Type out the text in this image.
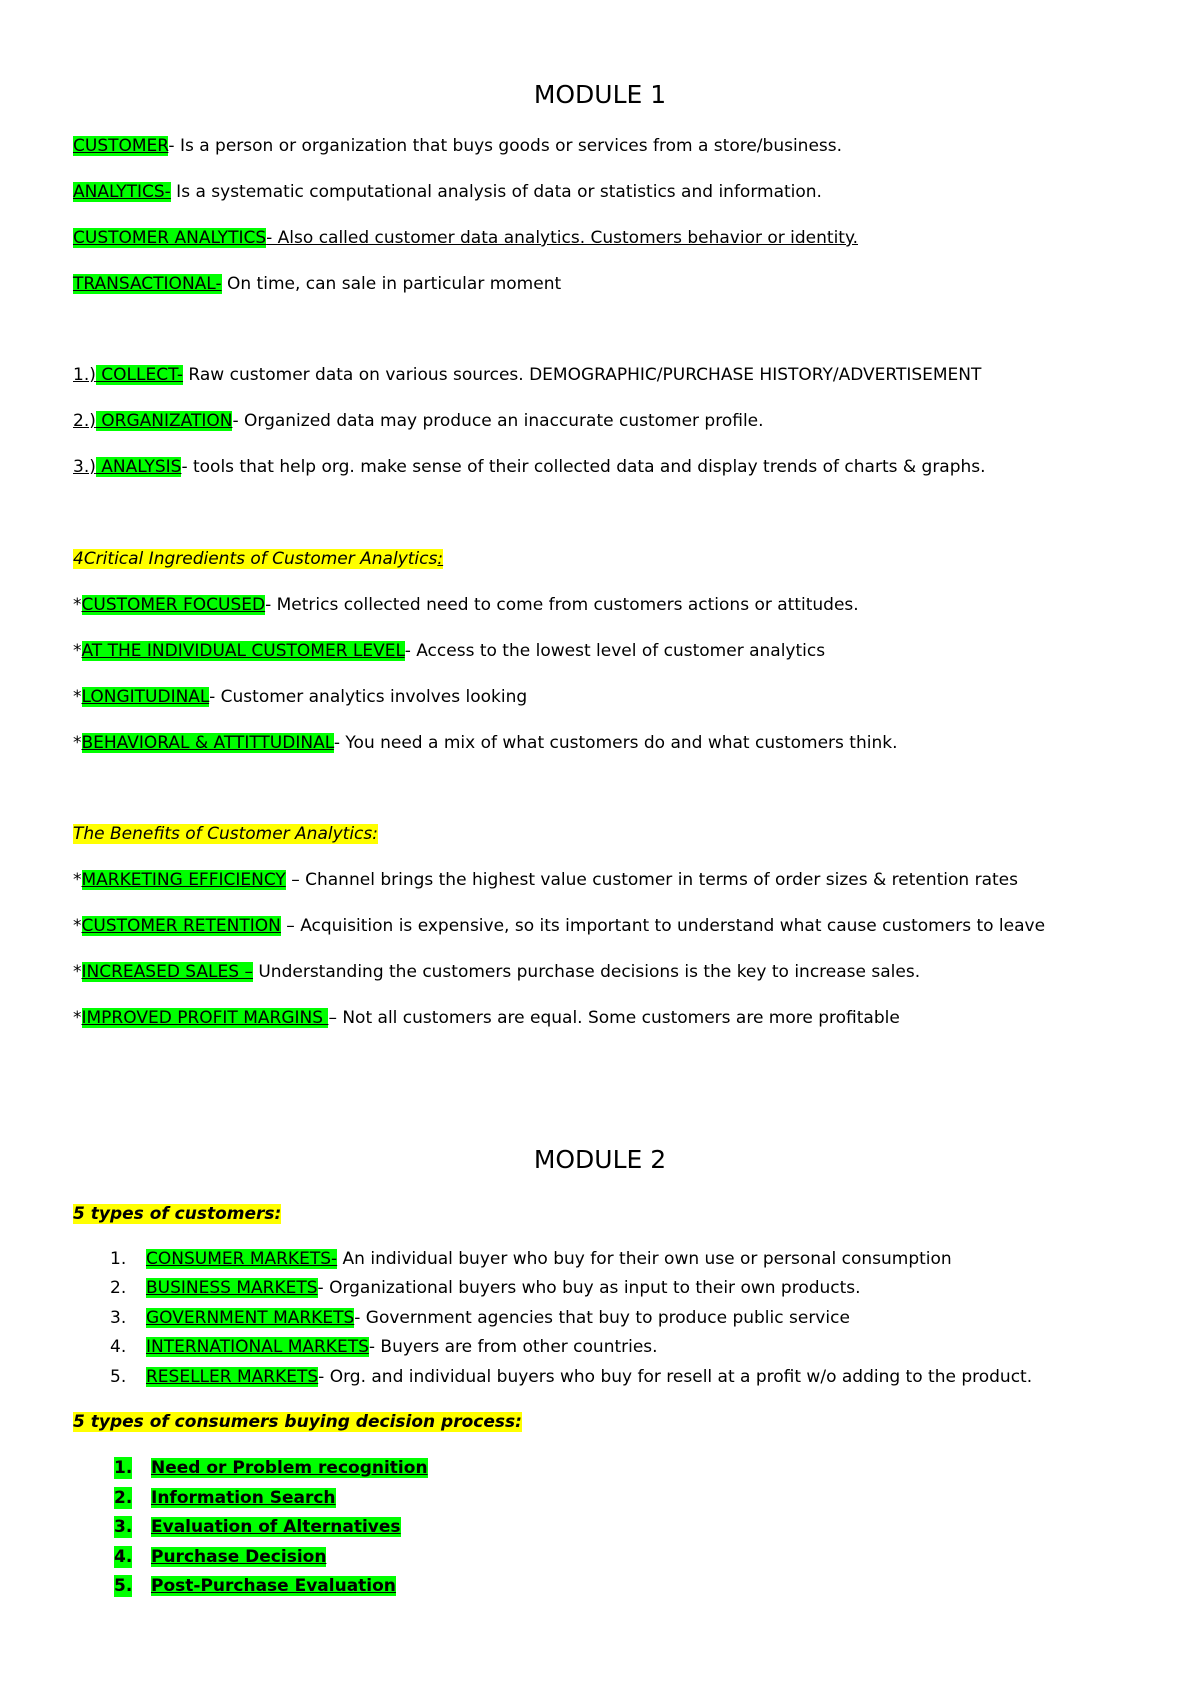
MODULE 1
CUSTOMER- Is a person or organization that buys goods or services from a store/business.
ANALYTICS- Is a systematic computational analysis of data or statistics and information.
CUSTOMER ANALYTICS- Also called customer data analytics. Customers behavior or identity.
TRANSACTIONAL- On time, can sale in particular moment
1.) COLLECT- Raw customer data on various sources. DEMOGRAPHIC/PURCHASE HISTORY/ADVERTISEMENT
2.) ORGANIZATION- Organized data may produce an inaccurate customer profile.
3.) ANALYSIS- tools that help org. make sense of their collected data and display trends of charts & graphs.
4Critical Ingredients of Customer Analytics:
*CUSTOMER FOCUSED- Metrics collected need to come from customers actions or attitudes.
*AT THE INDIVIDUAL CUSTOMER LEVEL- Access to the lowest level of customer analytics
*LONGITUDINAL- Customer analytics involves looking
*BEHAVIORAL & ATTITTUDINAL- You need a mix of what customers do and what customers think.
The Benefits of Customer Analytics:
*MARKETING EFFICIENCY – Channel brings the highest value customer in terms of order sizes & retention rates
*CUSTOMER RETENTION – Acquisition is expensive, so its important to understand what cause customers to leave
*INCREASED SALES – Understanding the customers purchase decisions is the key to increase sales.
*IMPROVED PROFIT MARGINS – Not all customers are equal. Some customers are more profitable
MODULE 2
5 types of customers:
1. CONSUMER MARKETS- An individual buyer who buy for their own use or personal consumption
2. BUSINESS MARKETS- Organizational buyers who buy as input to their own products.
3. GOVERNMENT MARKETS- Government agencies that buy to produce public service
4. INTERNATIONAL MARKETS- Buyers are from other countries.
5. RESELLER MARKETS- Org. and individual buyers who buy for resell at a profit w/o adding to the product.
5 types of consumers buying decision process:
1. Need or Problem recognition
2. Information Search
3. Evaluation of Alternatives
4. Purchase Decision
5. Post-Purchase Evaluation
